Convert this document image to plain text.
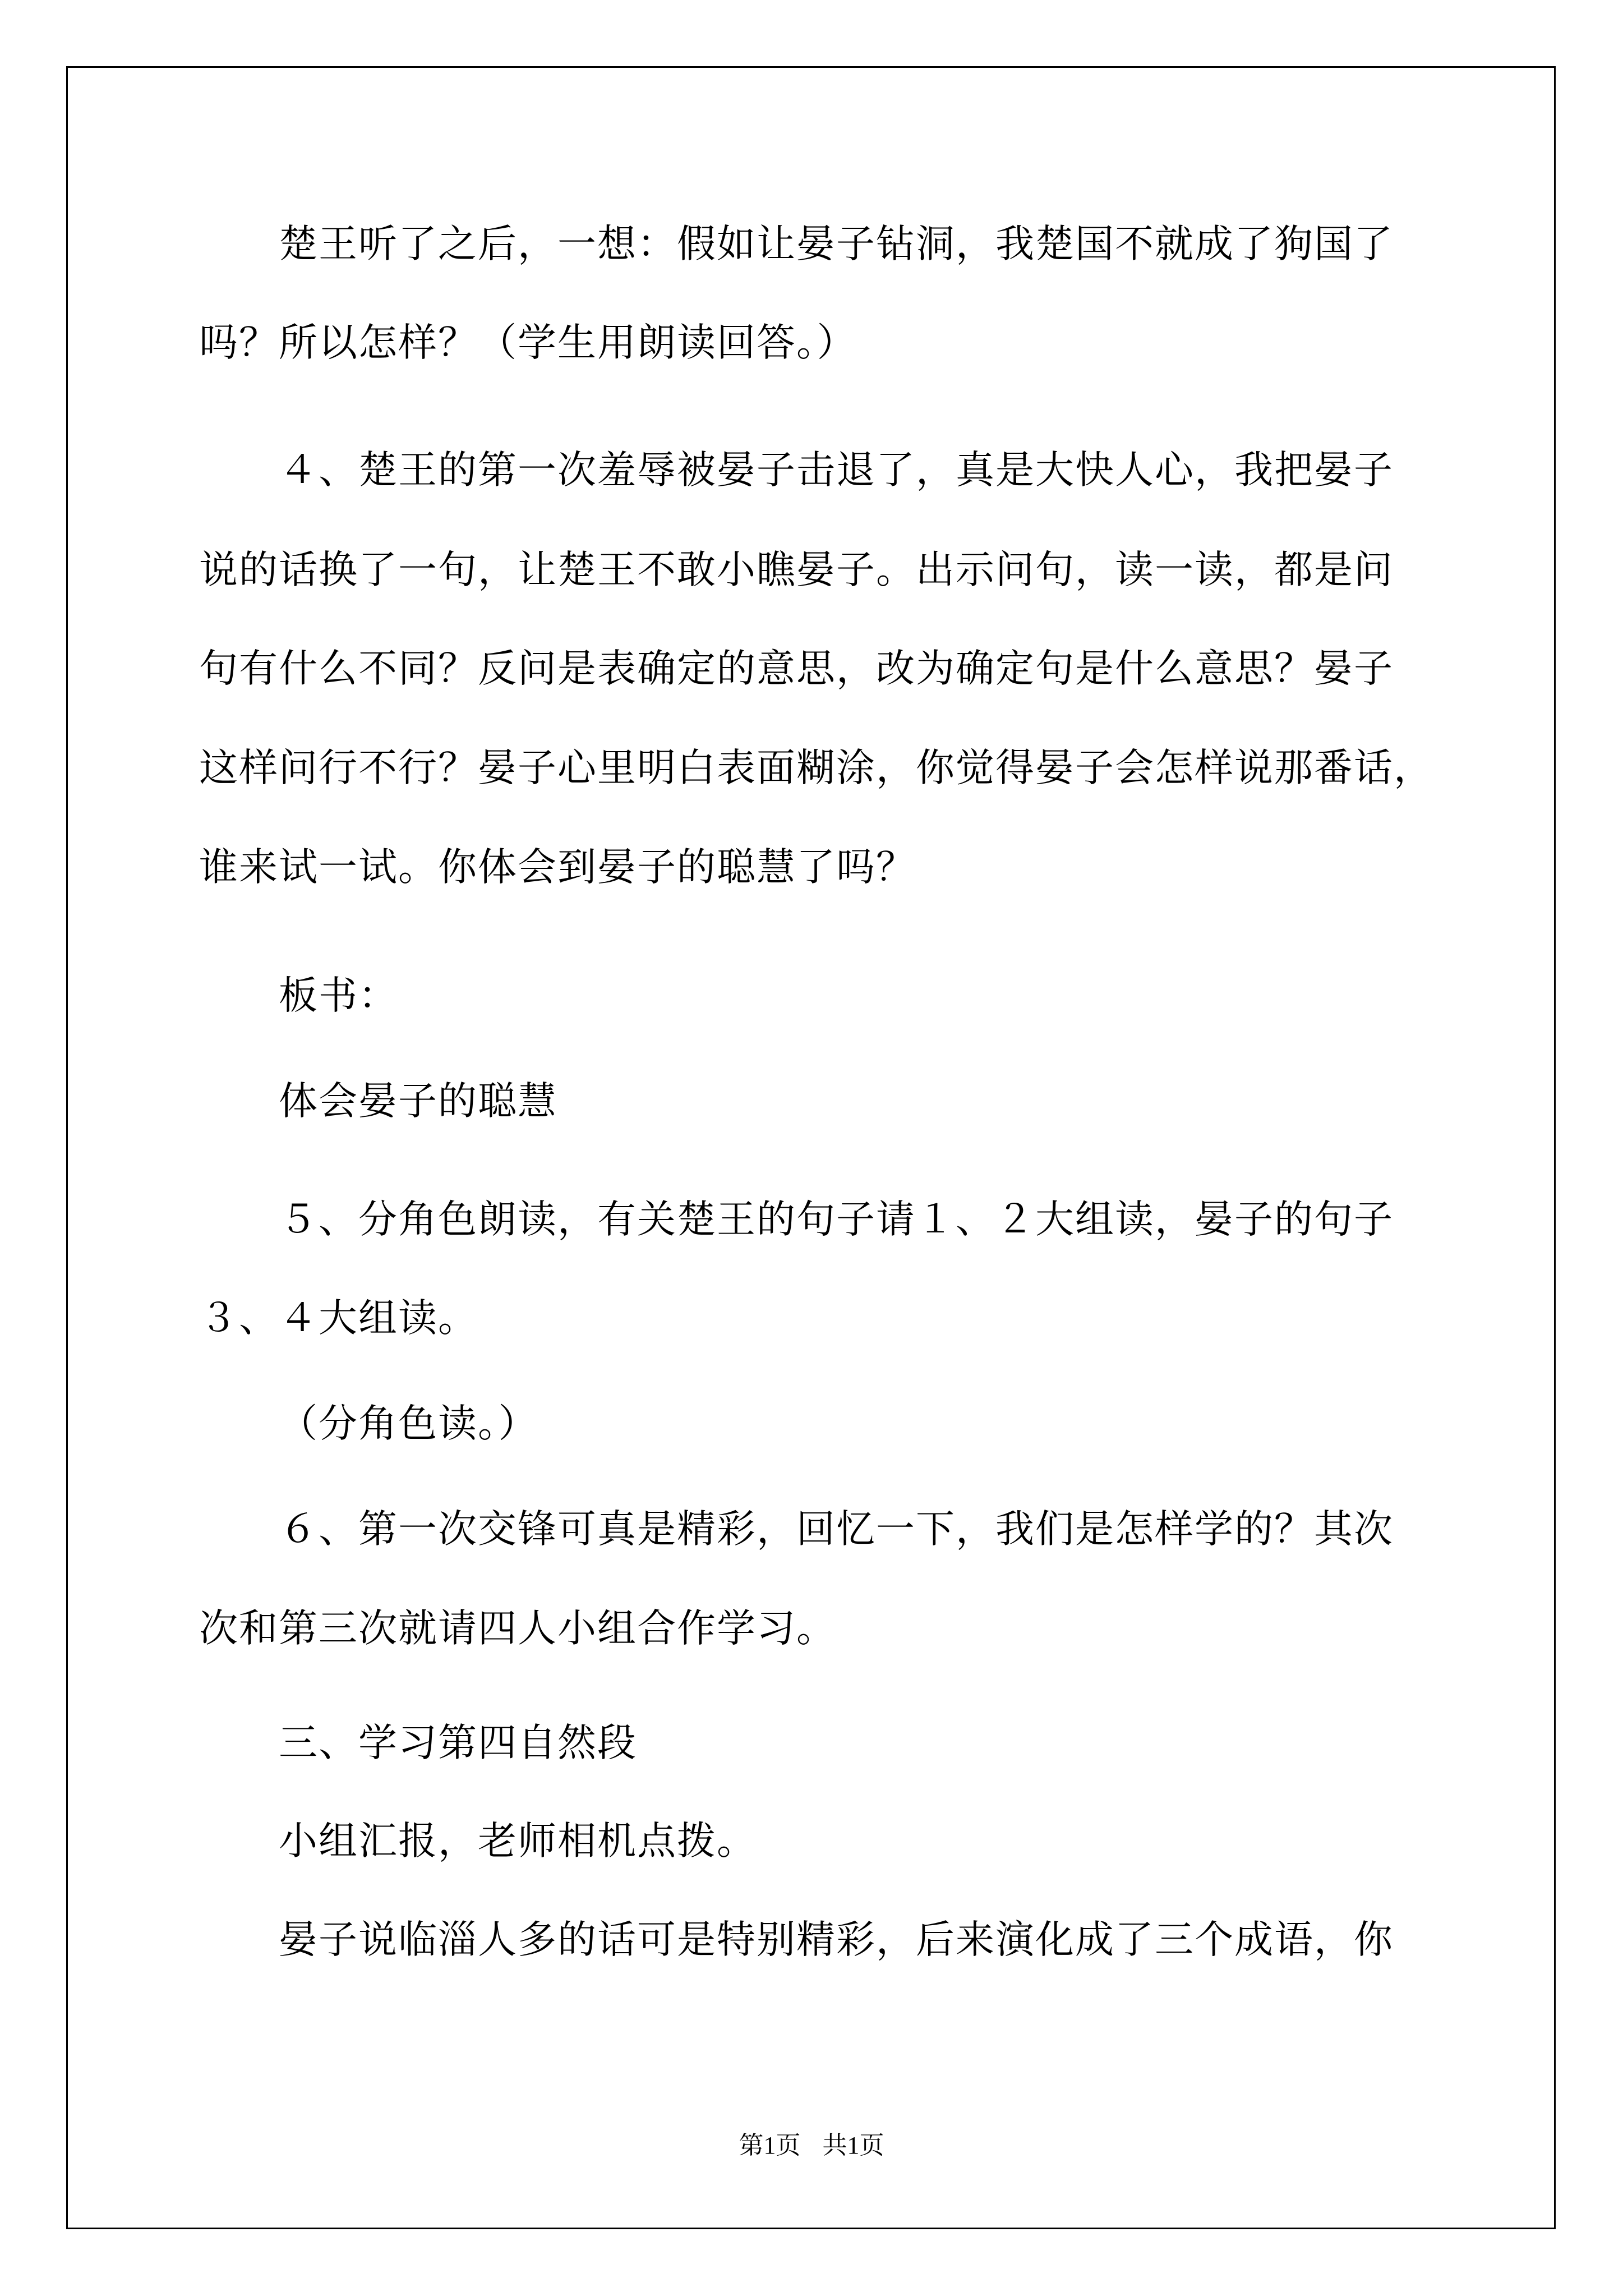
楚王听了之后，一想：假如让晏子钻洞，我楚国不就成了狗国了
吗？所以怎样？（学生用朗读回答。）
４、楚王的第一次羞辱被晏子击退了，真是大快人心，我把晏子
说的话换了一句，让楚王不敢小瞧晏子。出示问句，读一读，都是问
句有什么不同？反问是表确定的意思，改为确定句是什么意思？晏子
这样问行不行？晏子心里明白表面糊涂，你觉得晏子会怎样说那番话，
谁来试一试。你体会到晏子的聪慧了吗？
板书：
体会晏子的聪慧
５、分角色朗读，有关楚王的句子请１、２大组读，晏子的句子
３、４大组读。
（分角色读。）
６、第一次交锋可真是精彩，回忆一下，我们是怎样学的？其次
次和第三次就请四人小组合作学习。
三、学习第四自然段
小组汇报，老师相机点拨。
晏子说临淄人多的话可是特别精彩，后来演化成了三个成语，你
第1页 共1页
